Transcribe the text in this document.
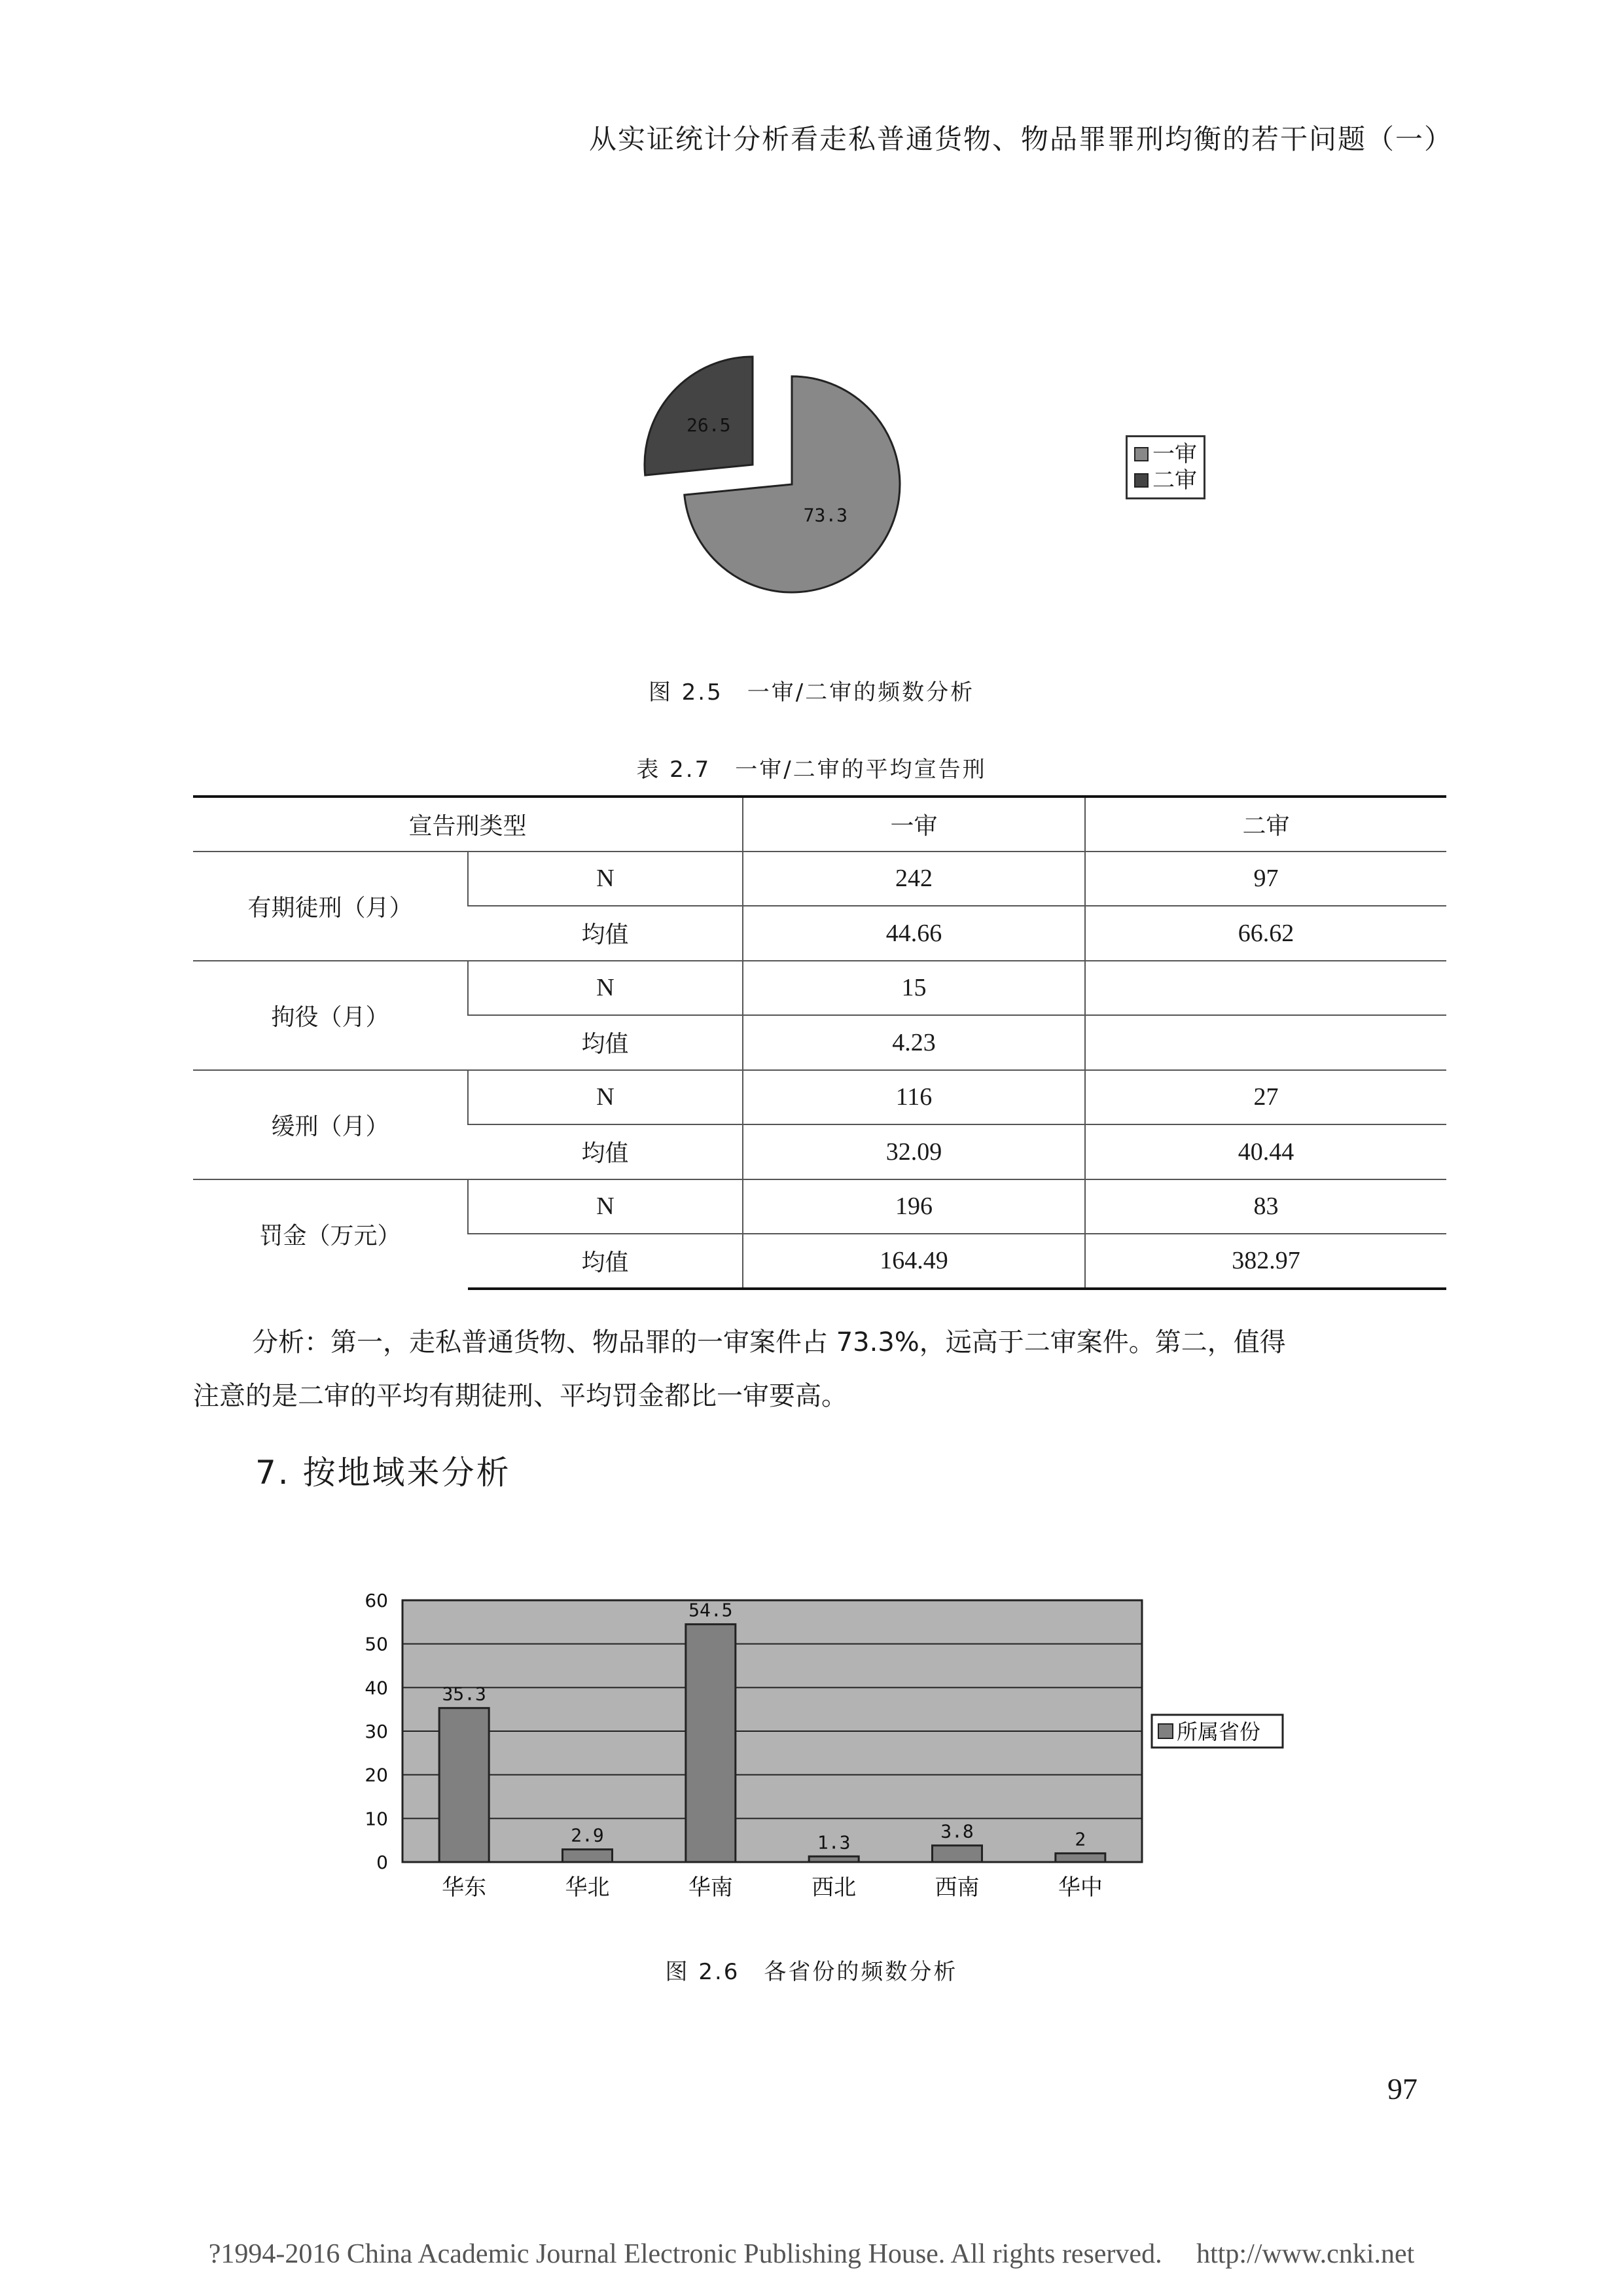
从实证统计分析看走私普通货物、物品罪罪刑均衡的若干问题（一）
73.3
26.5
一审
二审
图 2.5　一审/二审的频数分析
表 2.7　一审/二审的平均宣告刑
宣告刑类型		一审	二审
有期徒刑（月）	N	242	97
	均值	44.66	66.62
拘役（月）	N	15	
	均值	4.23	
缓刑（月）	N	116	27
	均值	32.09	40.44
罚金（万元）	N	196	83
	均值	164.49	382.97
分析：第一，走私普通货物、物品罪的一审案件占 73.3%，远高于二审案件。第二，值得
注意的是二审的平均有期徒刑、平均罚金都比一审要高。
7. 按地域来分析
0
10
20
30
40
50
60
35.3
华东
2.9
华北
54.5
华南
1.3
西北
3.8
西南
2
华中
所属省份
图 2.6　各省份的频数分析
97
?1994-2016 China Academic Journal Electronic Publishing House. All rights reserved.　 http://www.cnki.net
